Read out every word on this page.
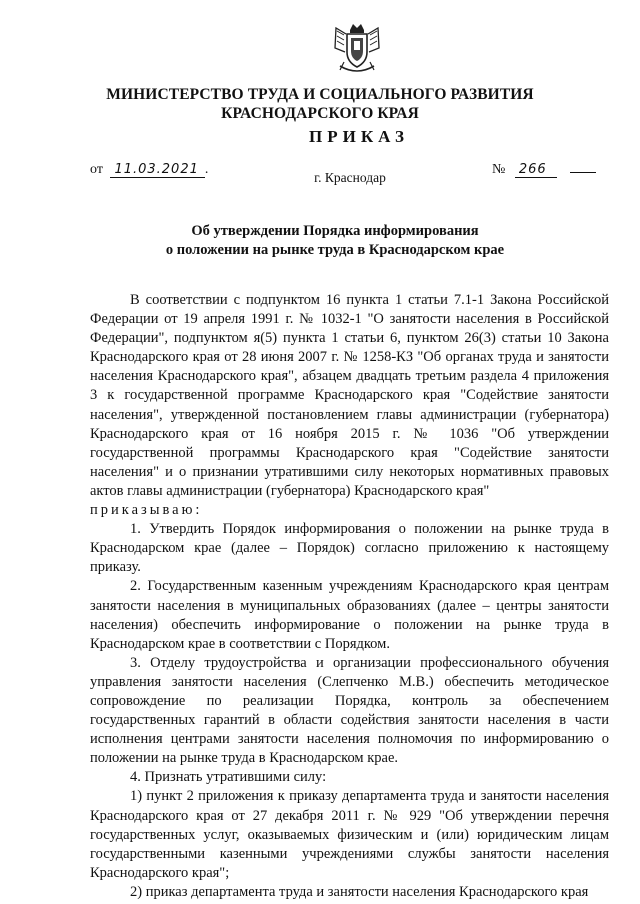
МИНИСТЕРСТВО ТРУДА И СОЦИАЛЬНОГО РАЗВИТИЯ
КРАСНОДАРСКОГО КРАЯ
ПРИКАЗ
от 11.03.2021 .
г. Краснодар
№ 266
Об утверждении Порядка информирования
о положении на рынке труда в Краснодарском крае

В соответствии с подпунктом 16 пункта 1 статьи 7.1-1 Закона Российской Федерации от 19 апреля 1991 г. № 1032-1 "О занятости населения в Российской Федерации", подпунктом я(5) пункта 1 статьи 6, пунктом 26(3) статьи 10 Закона Краснодарского края от 28 июня 2007 г. № 1258-КЗ "Об органах труда и занятости населения Краснодарского края", абзацем двадцать третьим раздела 4 приложения 3 к государственной программе Краснодарского края "Содействие занятости населения", утвержденной постановлением главы администрации (губернатора) Краснодарского края от 16 ноября 2015 г. № 1036 "Об утверждении государственной программы Краснодарского края "Содействие занятости населения" и о признании утратившими силу некоторых нормативных правовых актов главы администрации (губернатора) Краснодарского края"

приказываю:

1. Утвердить Порядок информирования о положении на рынке труда в Краснодарском крае (далее – Порядок) согласно приложению к настоящему приказу.

2. Государственным казенным учреждениям Краснодарского края центрам занятости населения в муниципальных образованиях (далее – центры занятости населения) обеспечить информирование о положении на рынке труда в Краснодарском крае в соответствии с Порядком.

3. Отделу трудоустройства и организации профессионального обучения управления занятости населения (Слепченко М.В.) обеспечить методическое сопровождение по реализации Порядка, контроль за обеспечением государственных гарантий в области содействия занятости населения в части исполнения центрами занятости населения полномочия по информированию о положении на рынке труда в Краснодарском крае.

4. Признать утратившими силу:

1) пункт 2 приложения к приказу департамента труда и занятости населения Краснодарского края от 27 декабря 2011 г. № 929 "Об утверждении перечня государственных услуг, оказываемых физическим и (или) юридическим лицам государственными казенными учреждениями службы занятости населения Краснодарского края";

2) приказ департамента труда и занятости населения Краснодарского края
